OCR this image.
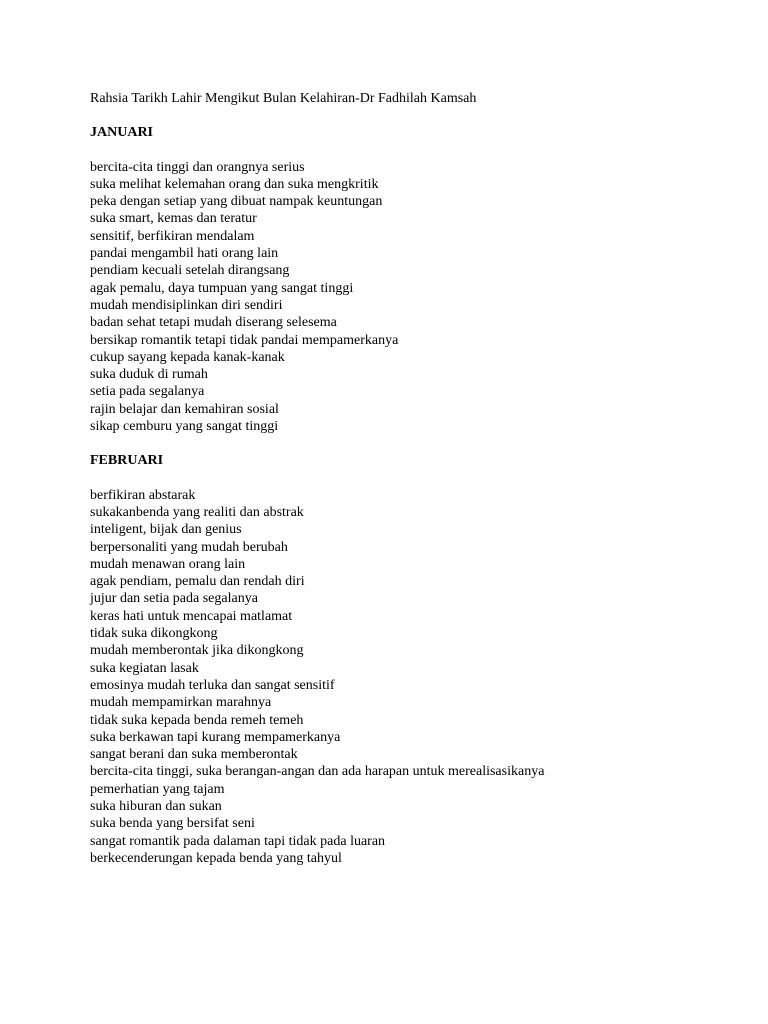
Rahsia Tarikh Lahir Mengikut Bulan Kelahiran-Dr Fadhilah Kamsah

JANUARI
bercita-cita tinggi dan orangnya serius
suka melihat kelemahan orang dan suka mengkritik
peka dengan setiap yang dibuat nampak keuntungan
suka smart, kemas dan teratur
sensitif, berfikiran mendalam
pandai mengambil hati orang lain
pendiam kecuali setelah dirangsang
agak pemalu, daya tumpuan yang sangat tinggi
mudah mendisiplinkan diri sendiri
badan sehat tetapi mudah diserang selesema
bersikap romantik tetapi tidak pandai mempamerkanya
cukup sayang kepada kanak-kanak
suka duduk di rumah
setia pada segalanya
rajin belajar dan kemahiran sosial
sikap cemburu yang sangat tinggi
FEBRUARI
berfikiran abstarak
sukakanbenda yang realiti dan abstrak
inteligent, bijak dan genius
berpersonaliti yang mudah berubah
mudah menawan orang lain
agak pendiam, pemalu dan rendah diri
jujur dan setia pada segalanya
keras hati untuk mencapai matlamat
tidak suka dikongkong
mudah memberontak jika dikongkong
suka kegiatan lasak
emosinya mudah terluka dan sangat sensitif
mudah mempamirkan marahnya
tidak suka kepada benda remeh temeh
suka berkawan tapi kurang mempamerkanya
sangat berani dan suka memberontak
bercita-cita tinggi, suka berangan-angan dan ada harapan untuk merealisasikanya
pemerhatian yang tajam
suka hiburan dan sukan
suka benda yang bersifat seni
sangat romantik pada dalaman tapi tidak pada luaran
berkecenderungan kepada benda yang tahyul
